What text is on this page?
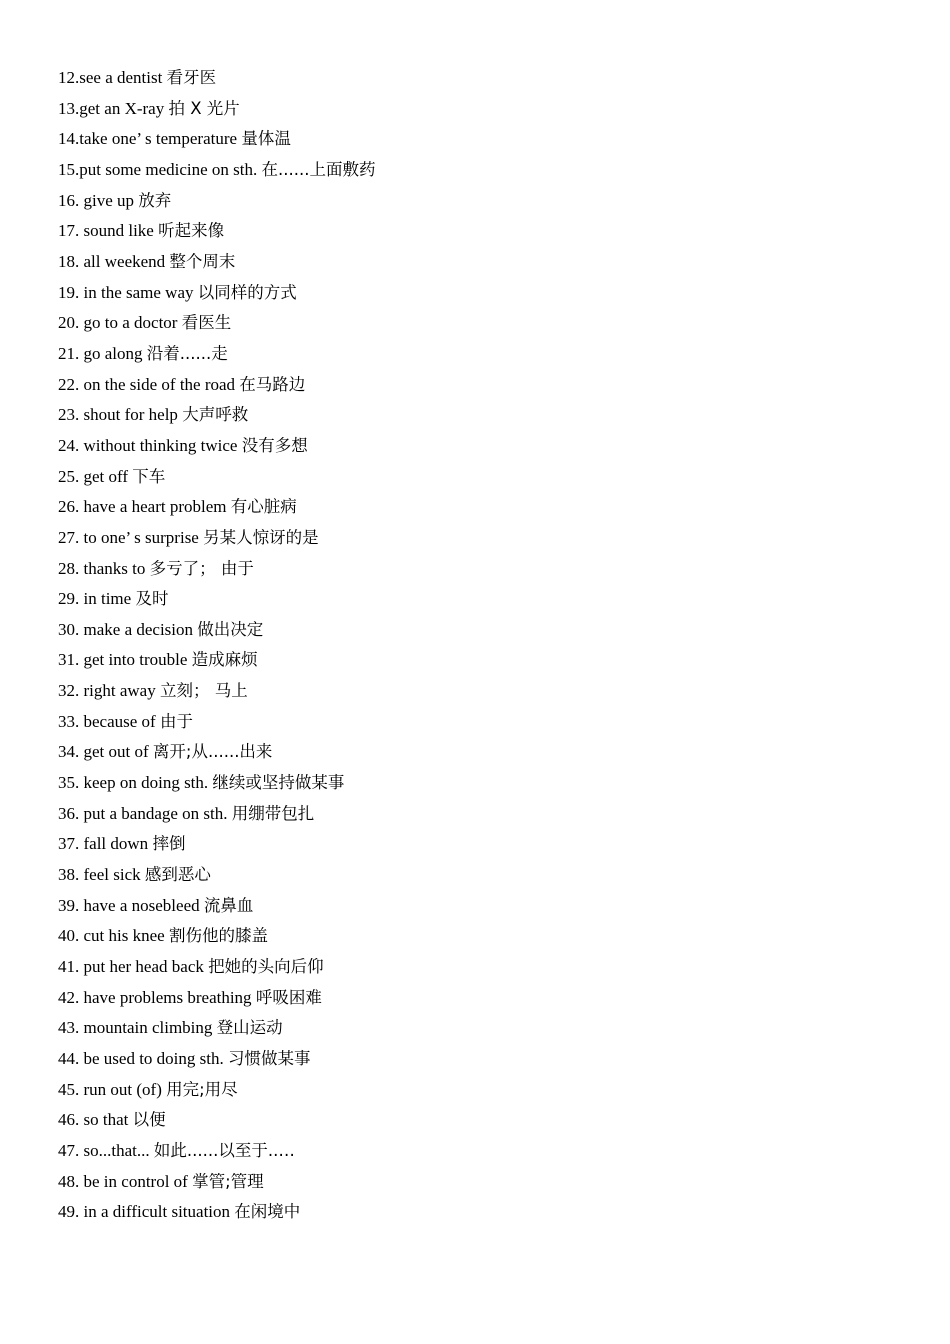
12.see a dentist 看牙医
13.get an X-ray 拍 X 光片
14.take one’ s temperature 量体温
15.put some medicine on sth. 在......上面敷药
16. give up 放弃
17. sound like 听起来像
18. all weekend 整个周末
19. in the same way 以同样的方式
20. go to a doctor 看医生
21. go along 沿着......走
22. on the side of the road 在马路边
23. shout for help 大声呼救
24. without thinking twice 没有多想
25. get off 下车
26. have a heart problem 有心脏病
27. to one’ s surprise 另某人惊讶的是
28. thanks to 多亏了； 由于
29. in time 及时
30. make a decision 做出决定
31. get into trouble 造成麻烦
32. right away 立刻； 马上
33. because of 由于
34. get out of 离开;从......出来
35. keep on doing sth. 继续或坚持做某事
36. put a bandage on sth. 用绷带包扎
37. fall down 摔倒
38. feel sick 感到恶心
39. have a nosebleed 流鼻血
40. cut his knee 割伤他的膝盖
41. put her head back 把她的头向后仰
42. have problems breathing 呼吸困难
43. mountain climbing 登山运动
44. be used to doing sth. 习惯做某事
45. run out (of) 用完;用尽
46. so that 以便
47. so...that... 如此......以至于..…
48. be in control of 掌管;管理
49. in a difficult situation 在闲境中
